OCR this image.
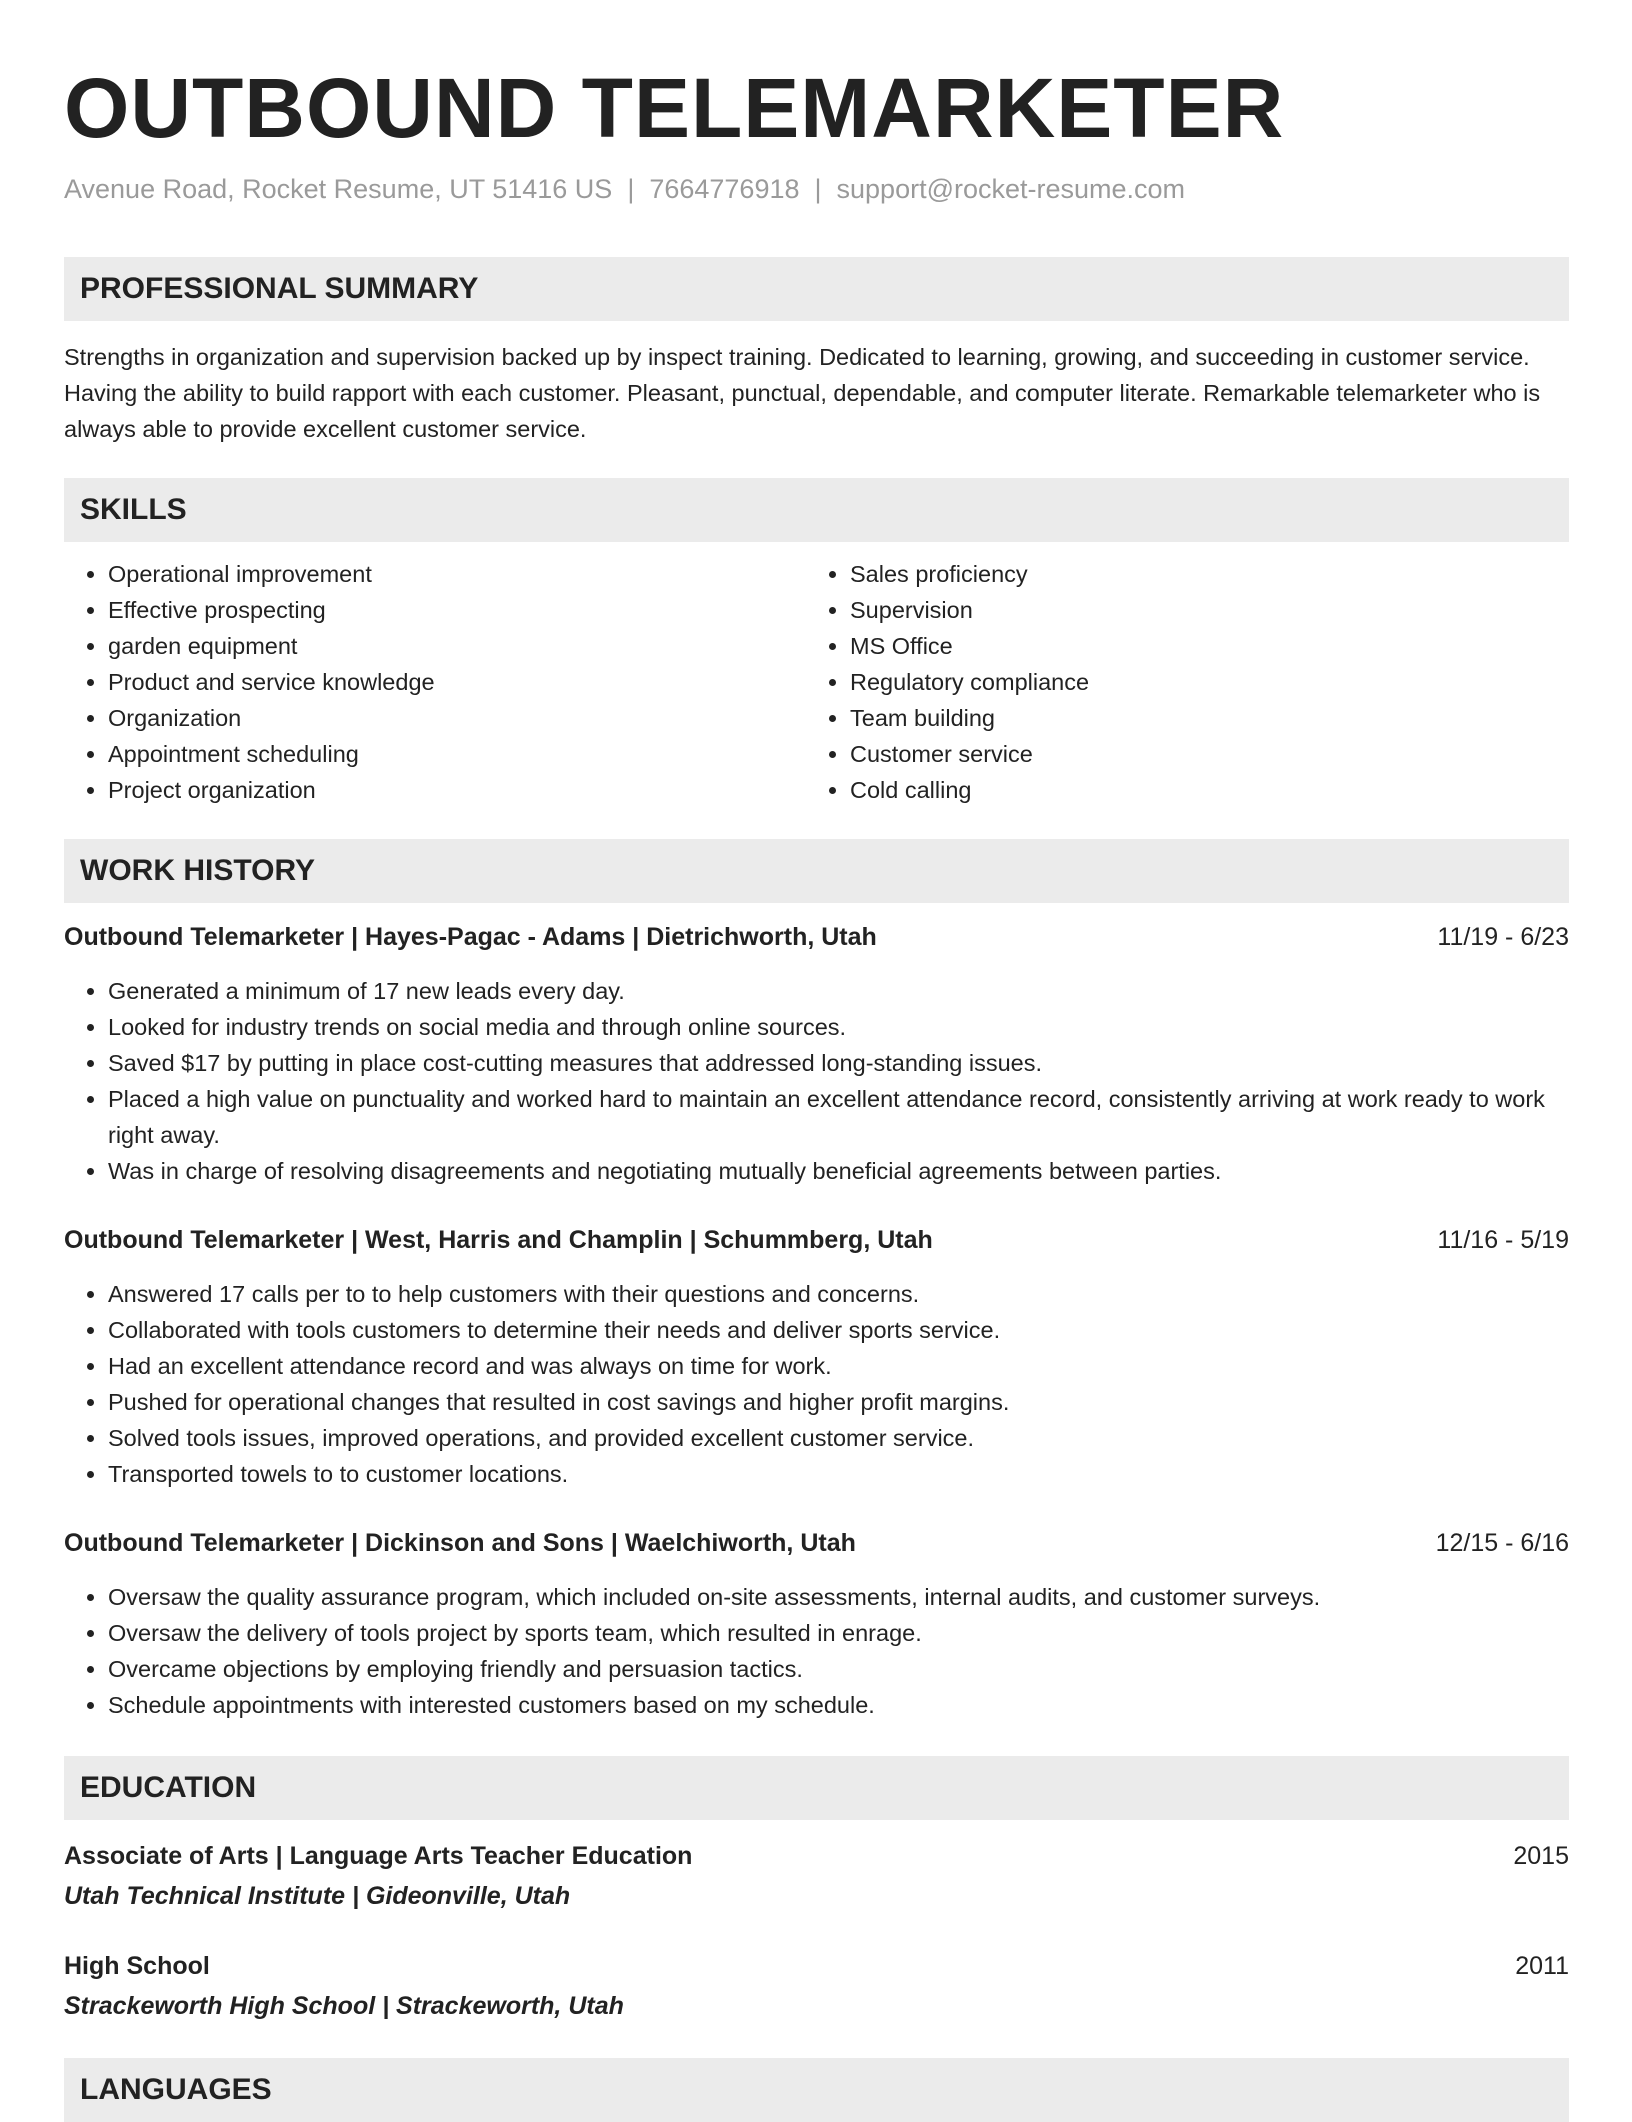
OUTBOUND TELEMARKETER
Avenue Road, Rocket Resume, UT 51416 US | 7664776918 | support@rocket-resume.com
PROFESSIONAL SUMMARY

Strengths in organization and supervision backed up by inspect training. Dedicated to learning, growing, and succeeding in customer service. Having the ability to build rapport with each customer. Pleasant, punctual, dependable, and computer literate. Remarkable telemarketer who is always able to provide excellent customer service.

SKILLS
• Operational improvement
• Effective prospecting
• garden equipment
• Product and service knowledge
• Organization
• Appointment scheduling
• Project organization
• Sales proficiency
• Supervision
• MS Office
• Regulatory compliance
• Team building
• Customer service
• Cold calling
WORK HISTORY
Outbound Telemarketer | Hayes-Pagac - Adams | Dietrichworth, Utah	11/19 - 6/23
• Generated a minimum of 17 new leads every day.
• Looked for industry trends on social media and through online sources.
• Saved $17 by putting in place cost-cutting measures that addressed long-standing issues.
• Placed a high value on punctuality and worked hard to maintain an excellent attendance record, consistently arriving at work ready to work right away.
• Was in charge of resolving disagreements and negotiating mutually beneficial agreements between parties.
Outbound Telemarketer | West, Harris and Champlin | Schummberg, Utah	11/16 - 5/19
• Answered 17 calls per to to help customers with their questions and concerns.
• Collaborated with tools customers to determine their needs and deliver sports service.
• Had an excellent attendance record and was always on time for work.
• Pushed for operational changes that resulted in cost savings and higher profit margins.
• Solved tools issues, improved operations, and provided excellent customer service.
• Transported towels to to customer locations.
Outbound Telemarketer | Dickinson and Sons | Waelchiworth, Utah	12/15 - 6/16
• Oversaw the quality assurance program, which included on-site assessments, internal audits, and customer surveys.
• Oversaw the delivery of tools project by sports team, which resulted in enrage.
• Overcame objections by employing friendly and persuasion tactics.
• Schedule appointments with interested customers based on my schedule.
EDUCATION
Associate of Arts | Language Arts Teacher Education	2015
Utah Technical Institute | Gideonville, Utah
High School	2011
Strackeworth High School | Strackeworth, Utah
LANGUAGES
